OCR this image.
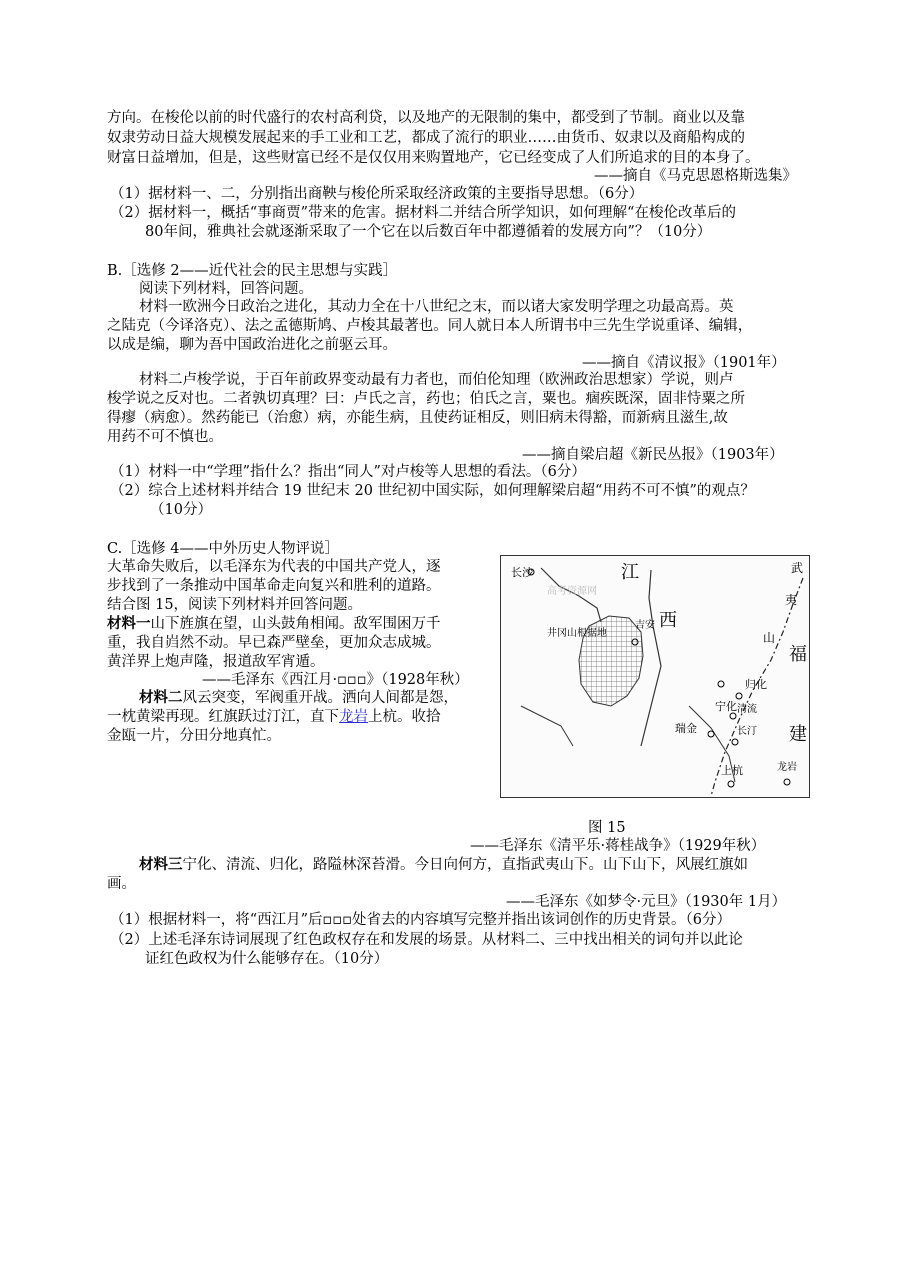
方向。在梭伦以前的时代盛行的农村高利贷，以及地产的无限制的集中，都受到了节制。商业以及靠
奴隶劳动日益大规模发展起来的手工业和工艺，都成了流行的职业……由货币、奴隶以及商船构成的
财富日益增加，但是，这些财富已经不是仅仅用来购置地产，它已经变成了人们所追求的目的本身了。
——摘自《马克思恩格斯选集》
（1）据材料一、二，分别指出商鞅与梭伦所采取经济政策的主要指导思想。（6分）
（2）据材料一，概括“事商贾”带来的危害。据材料二并结合所学知识，如何理解“在梭伦改革后的
80年间，雅典社会就逐渐采取了一个它在以后数百年中都遵循着的发展方向”？（10分）
B.［选修 2——近代社会的民主思想与实践］
阅读下列材料，回答问题。
材料一欧洲今日政治之进化，其动力全在十八世纪之末，而以诸大家发明学理之功最高焉。英
之陆克（今译洛克）、法之孟德斯鸠、卢梭其最著也。同人就日本人所谓书中三先生学说重译、编辑，
以成是编，聊为吾中国政治进化之前驱云耳。
——摘自《清议报》（1901年）
材料二卢梭学说，于百年前政界变动最有力者也，而伯伦知理（欧洲政治思想家）学说，则卢
梭学说之反对也。二者孰切真理？曰：卢氏之言，药也；伯氏之言，粟也。痼疾既深，固非恃粟之所
得瘳（病愈）。然药能已（治愈）病，亦能生病，且使药证相反，则旧病未得豁，而新病且滋生,故
用药不可不慎也。
——摘自梁启超《新民丛报》（1903年）
（1）材料一中“学理”指什么？指出“同人”对卢梭等人思想的看法。（6分）
（2）综合上述材料并结合 19 世纪末 20 世纪初中国实际，如何理解梁启超“用药不可不慎”的观点？
（10分）
C.［选修 4——中外历史人物评说］
大革命失败后，以毛泽东为代表的中国共产党人，逐
步找到了一条推动中国革命走向复兴和胜利的道路。
结合图 15，阅读下列材料并回答问题。
材料一山下旌旗在望，山头鼓角相闻。敌军围困万千
重，我自岿然不动。早已森严壁垒，更加众志成城。
黄洋界上炮声隆，报道敌军宵遁。
——毛泽东《西江月·▫▫▫》（1928年秋）
材料二风云突变，军阀重开战。洒向人间都是怨，
一枕黄梁再现。红旗跃过汀江，直下龙岩上杭。收拾
金瓯一片，分田分地真忙。
江
西
福
建
武
夷
山
长沙
井冈山根据地
吉安
宁化 清流
归化
瑞金	长汀
上杭	龙岩
高考资源网
图 15
——毛泽东《清平乐·蒋桂战争》（1929年秋）
材料三宁化、清流、归化，路隘林深苔滑。今日向何方，直指武夷山下。山下山下，风展红旗如
画。
——毛泽东《如梦令·元旦》（1930年 1月）
（1）根据材料一，将“西江月”后▫▫▫处省去的内容填写完整并指出该词创作的历史背景。（6分）
（2）上述毛泽东诗词展现了红色政权存在和发展的场景。从材料二、三中找出相关的词句并以此论
证红色政权为什么能够存在。（10分）
